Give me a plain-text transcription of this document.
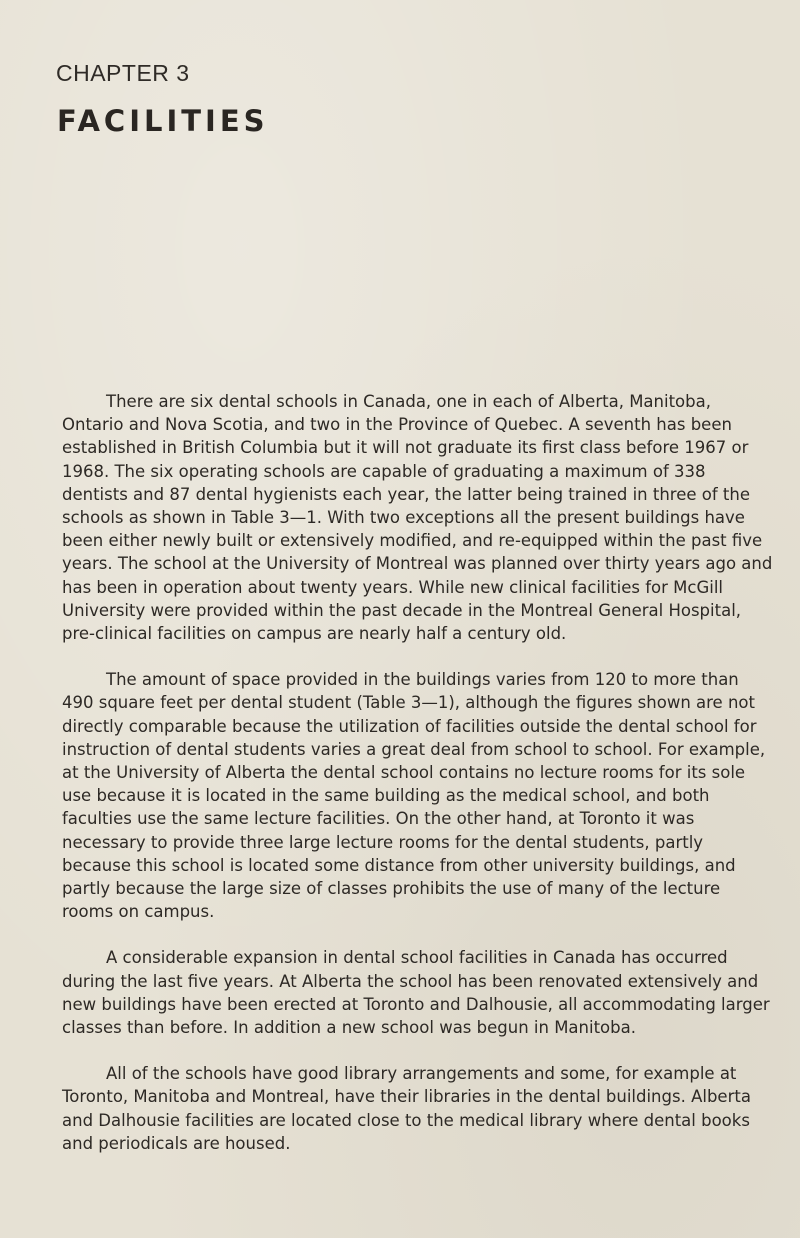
CHAPTER 3
FACILITIES

There are six dental schools in Canada, one in each of Alberta, Manitoba, Ontario and Nova Scotia, and two in the Province of Quebec. A seventh has been established in British Columbia but it will not graduate its first class before 1967 or 1968. The six operating schools are capable of graduating a maximum of 338 dentists and 87 dental hygienists each year, the latter being trained in three of the schools as shown in Table 3—1. With two exceptions all the present buildings have been either newly built or extensively modified, and re-equipped within the past five years. The school at the University of Montreal was planned over thirty years ago and has been in operation about twenty years. While new clinical facilities for McGill University were provided within the past decade in the Montreal General Hospital, pre-clinical facilities on campus are nearly half a century old.

The amount of space provided in the buildings varies from 120 to more than 490 square feet per dental student (Table 3—1), although the figures shown are not directly comparable because the utilization of facilities outside the dental school for instruction of dental students varies a great deal from school to school. For example, at the University of Alberta the dental school contains no lecture rooms for its sole use because it is located in the same building as the medical school, and both faculties use the same lecture facilities. On the other hand, at Toronto it was necessary to provide three large lecture rooms for the dental students, partly because this school is located some distance from other university buildings, and partly because the large size of classes prohibits the use of many of the lecture rooms on campus.

A considerable expansion in dental school facilities in Canada has occurred during the last five years. At Alberta the school has been renovated extensively and new buildings have been erected at Toronto and Dalhousie, all accommodating larger classes than before. In addition a new school was begun in Manitoba.

All of the schools have good library arrangements and some, for example at Toronto, Manitoba and Montreal, have their libraries in the dental buildings. Alberta and Dalhousie facilities are located close to the medical library where dental books and periodicals are housed.
